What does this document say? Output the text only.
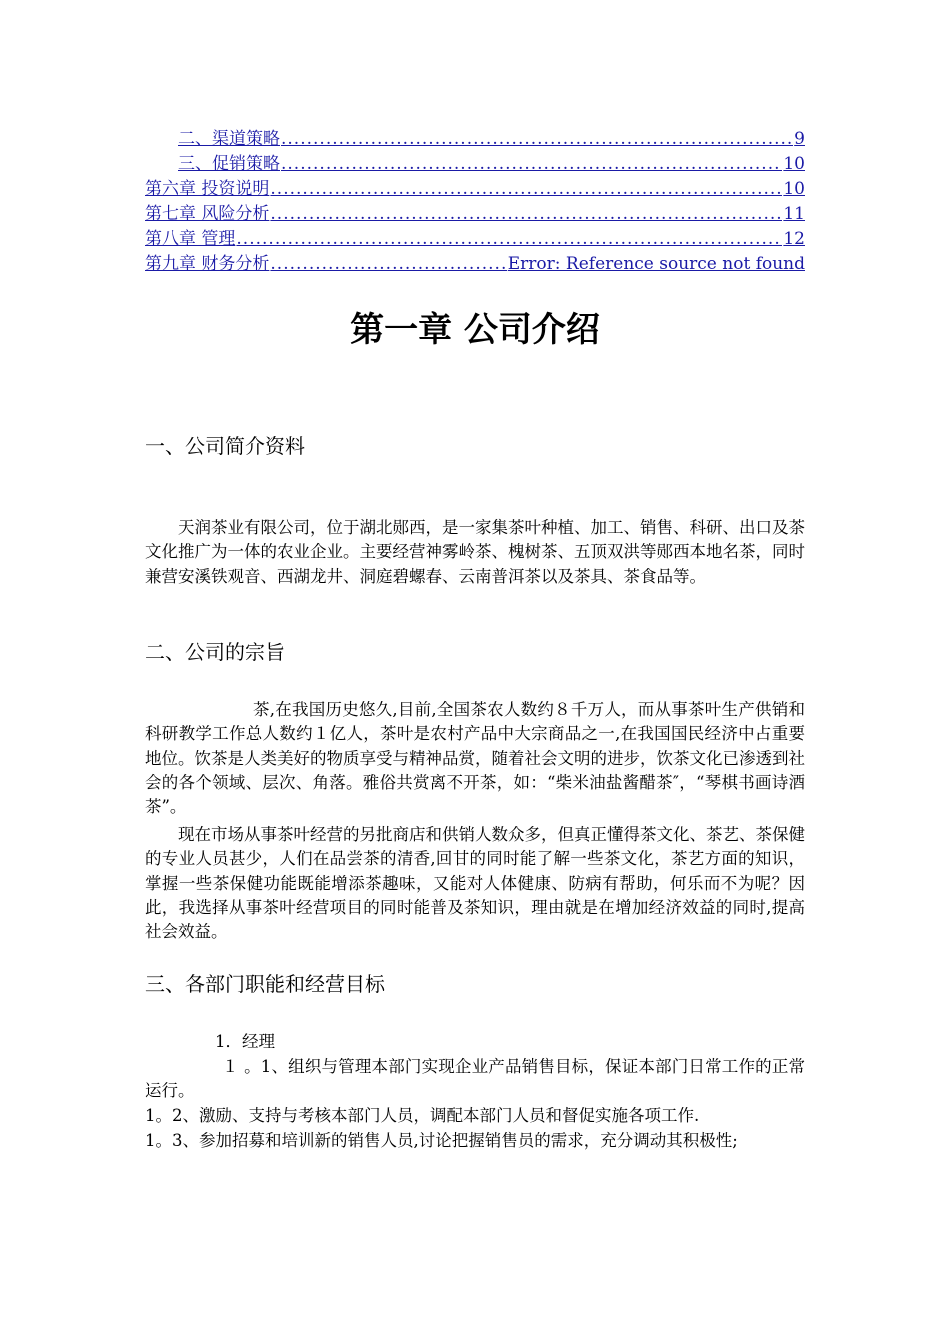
二、渠道策略 .....	9
三、促销策略 .....	10
第六章 投资说明 .....	10
第七章 风险分析 .....	11
第八章 管理 .....	12
第九章 财务分析 .....	Error: Reference source not found
第一章 公司介绍
一、公司简介资料

天润茶业有限公司，位于湖北郧西，是一家集茶叶种植、加工、销售、科研、出口及茶文化推广为一体的农业企业。主要经营神雾岭茶、槐树茶、五顶双洪等郧西本地名茶，同时兼营安溪铁观音、西湖龙井、洞庭碧螺春、云南普洱茶以及茶具、茶食品等。

二、公司的宗旨

茶,在我国历史悠久,目前,全国茶农人数约８千万人，而从事茶叶生产供销和科研教学工作总人数约１亿人，茶叶是农村产品中大宗商品之一,在我国国民经济中占重要地位。饮茶是人类美好的物质享受与精神品赏，随着社会文明的进步，饮茶文化已渗透到社会的各个领域、层次、角落。雅俗共赏离不开茶，如：“柴米油盐酱醋茶″，“琴棋书画诗酒茶”。

现在市场从事茶叶经营的另批商店和供销人数众多，但真正懂得茶文化、茶艺、茶保健的专业人员甚少，人们在品尝茶的清香,回甘的同时能了解一些茶文化，茶艺方面的知识，掌握一些茶保健功能既能增添茶趣味，又能对人体健康、防病有帮助，何乐而不为呢？因此，我选择从事茶叶经营项目的同时能普及茶知识，理由就是在增加经济效益的同时,提高社会效益。

三、各部门职能和经营目标

1．经理

１ 。1、组织与管理本部门实现企业产品销售目标，保证本部门日常工作的正常运行。

1。2、激励、支持与考核本部门人员，调配本部门人员和督促实施各项工作.

1。3、参加招募和培训新的销售人员,讨论把握销售员的需求，充分调动其积极性;
